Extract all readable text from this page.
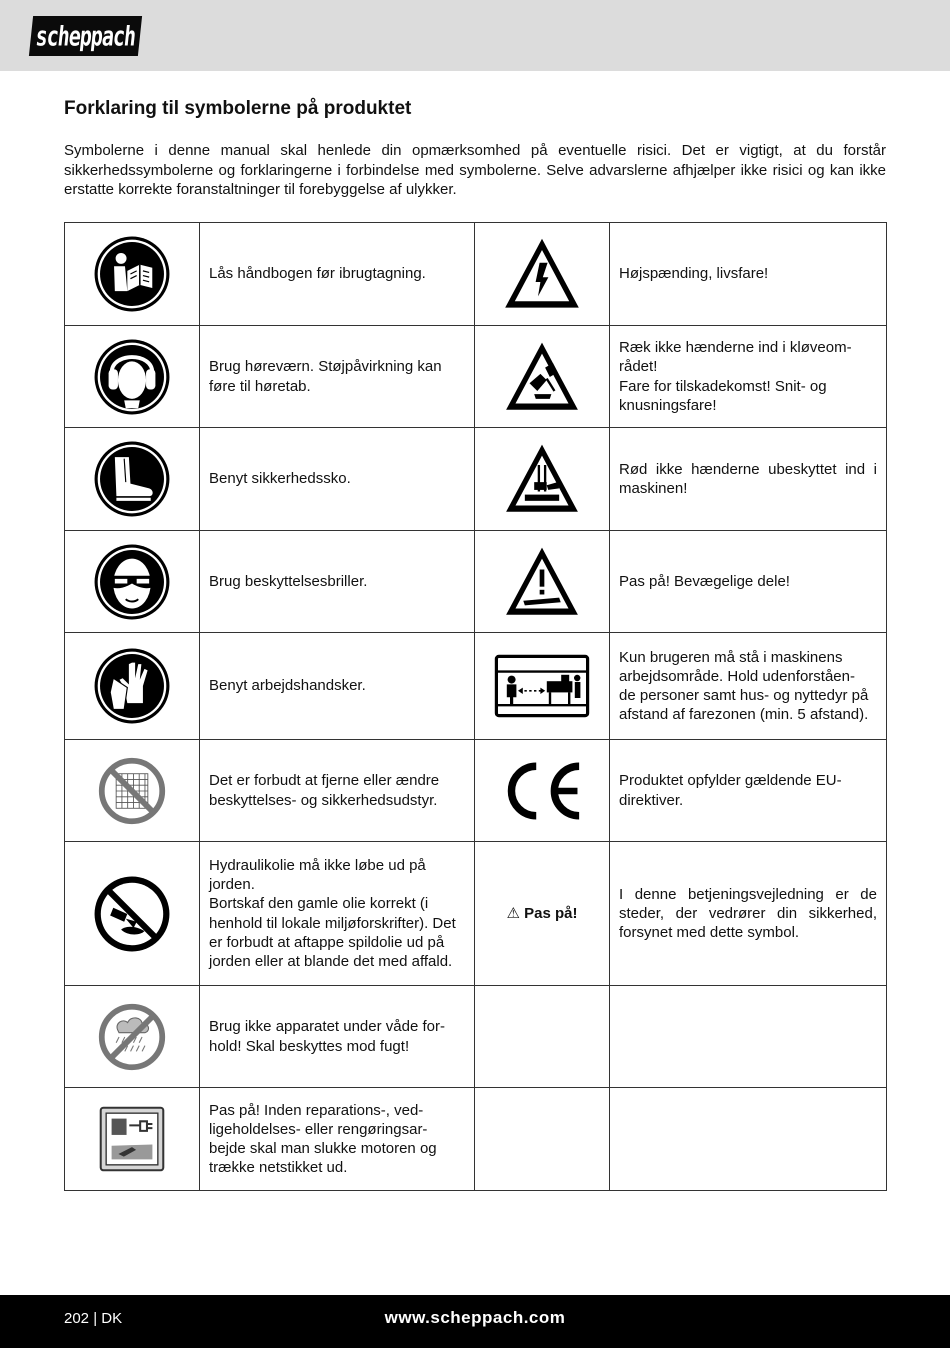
scheppach
Forklaring til symbolerne på produktet

Symbolerne i denne manual skal henlede din opmærksomhed på eventuelle risici. Det er vigtigt, at du forstår sikkerhedssymbolerne og forklaringerne i forbindelse med symbolerne. Selve advarslerne afhjælper ikke risici og kan ikke erstatte korrekte foranstaltninger til forebyggelse af ulykker.

Lås håndbogen før ibrugtagning.		Højspænding, livsfare!

Brug høreværn. Støjpåvirkning kan føre til høretab.		Ræk ikke hænderne ind i kløveom-
rådet!
Fare for tilskadekomst! Snit- og knusningsfare!

Benyt sikkerhedssko.		Rød ikke hænderne ubeskyttet ind i maskinen!

Brug beskyttelsesbriller.		Pas på! Bevægelige dele!

Benyt arbejdshandsker.		Kun brugeren må stå i maskinens arbejdsområde. Hold udenforståen-
de personer samt hus- og nyttedyr på afstand af farezonen (min. 5 afstand).

Det er forbudt at fjerne eller ændre beskyttelses- og sikkerhedsudstyr.		Produktet opfylder gældende EU-
direktiver.

Hydraulikolie må ikke løbe ud på jorden.
Bortskaf den gamle olie korrekt (i henhold til lokale miljøforskrifter). Det er forbudt at aftappe spildolie ud på jorden eller at blande det med affald.	⚠ Pas på!	I denne betjeningsvejledning er de steder, der vedrører din sikkerhed, forsynet med dette symbol.

Brug ikke apparatet under våde for-
hold! Skal beskyttes mod fugt!		

Pas på! Inden reparations-, ved-
ligeholdelses- eller rengøringsar-
bejde skal man slukke motoren og trække netstikket ud.		

202 | DK	www.scheppach.com
